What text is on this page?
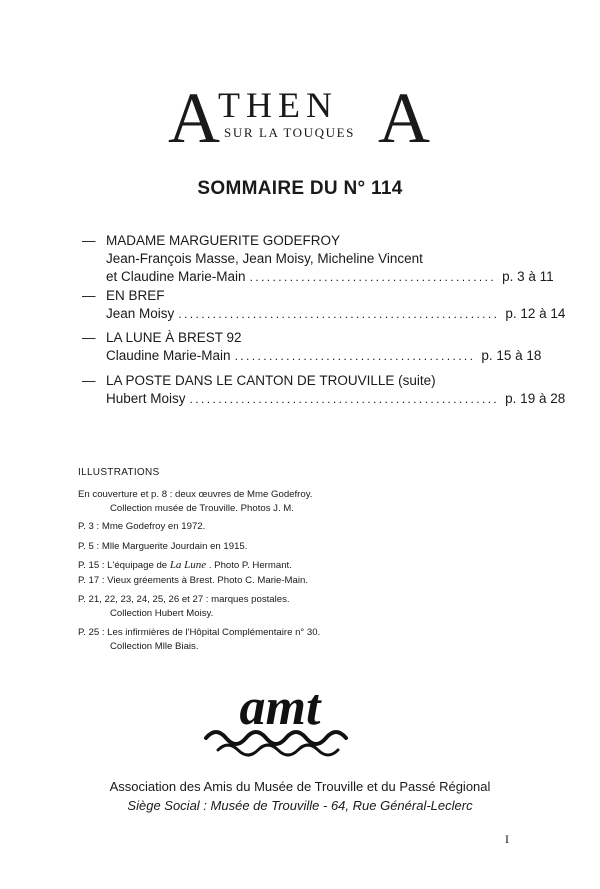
A
THEN A
SUR LA TOUQUES
SOMMAIRE DU N° 114
— MADAME MARGUERITE GODEFROY
Jean-François Masse, Jean Moisy, Micheline Vincent
et Claudine Marie-Main ........................................... p. 3 à 11
— EN BREF
Jean Moisy ........................................................ p. 12 à 14
— LA LUNE À BREST 92
Claudine Marie-Main .......................................... p. 15 à 18
— LA POSTE DANS LE CANTON DE TROUVILLE (suite)
Hubert Moisy ...................................................... p. 19 à 28
ILLUSTRATIONS

En couverture et p. 8 : deux œuvres de Mme Godefroy.

Collection musée de Trouville. Photos J. M.

P. 3 : Mme Godefroy en 1972.

P. 5 : Mlle Marguerite Jourdain en 1915.

P. 15 : L'équipage de La Lune . Photo P. Hermant.

P. 17 : Vieux gréements à Brest. Photo C. Marie-Main.

P. 21, 22, 23, 24, 25, 26 et 27 : marques postales.

Collection Hubert Moisy.

P. 25 : Les infirmières de l'Hôpital Complémentaire n° 30.

Collection Mlle Biais.

amt
Association des Amis du Musée de Trouville et du Passé Régional
Siège Social : Musée de Trouville - 64, Rue Général-Leclerc
I
